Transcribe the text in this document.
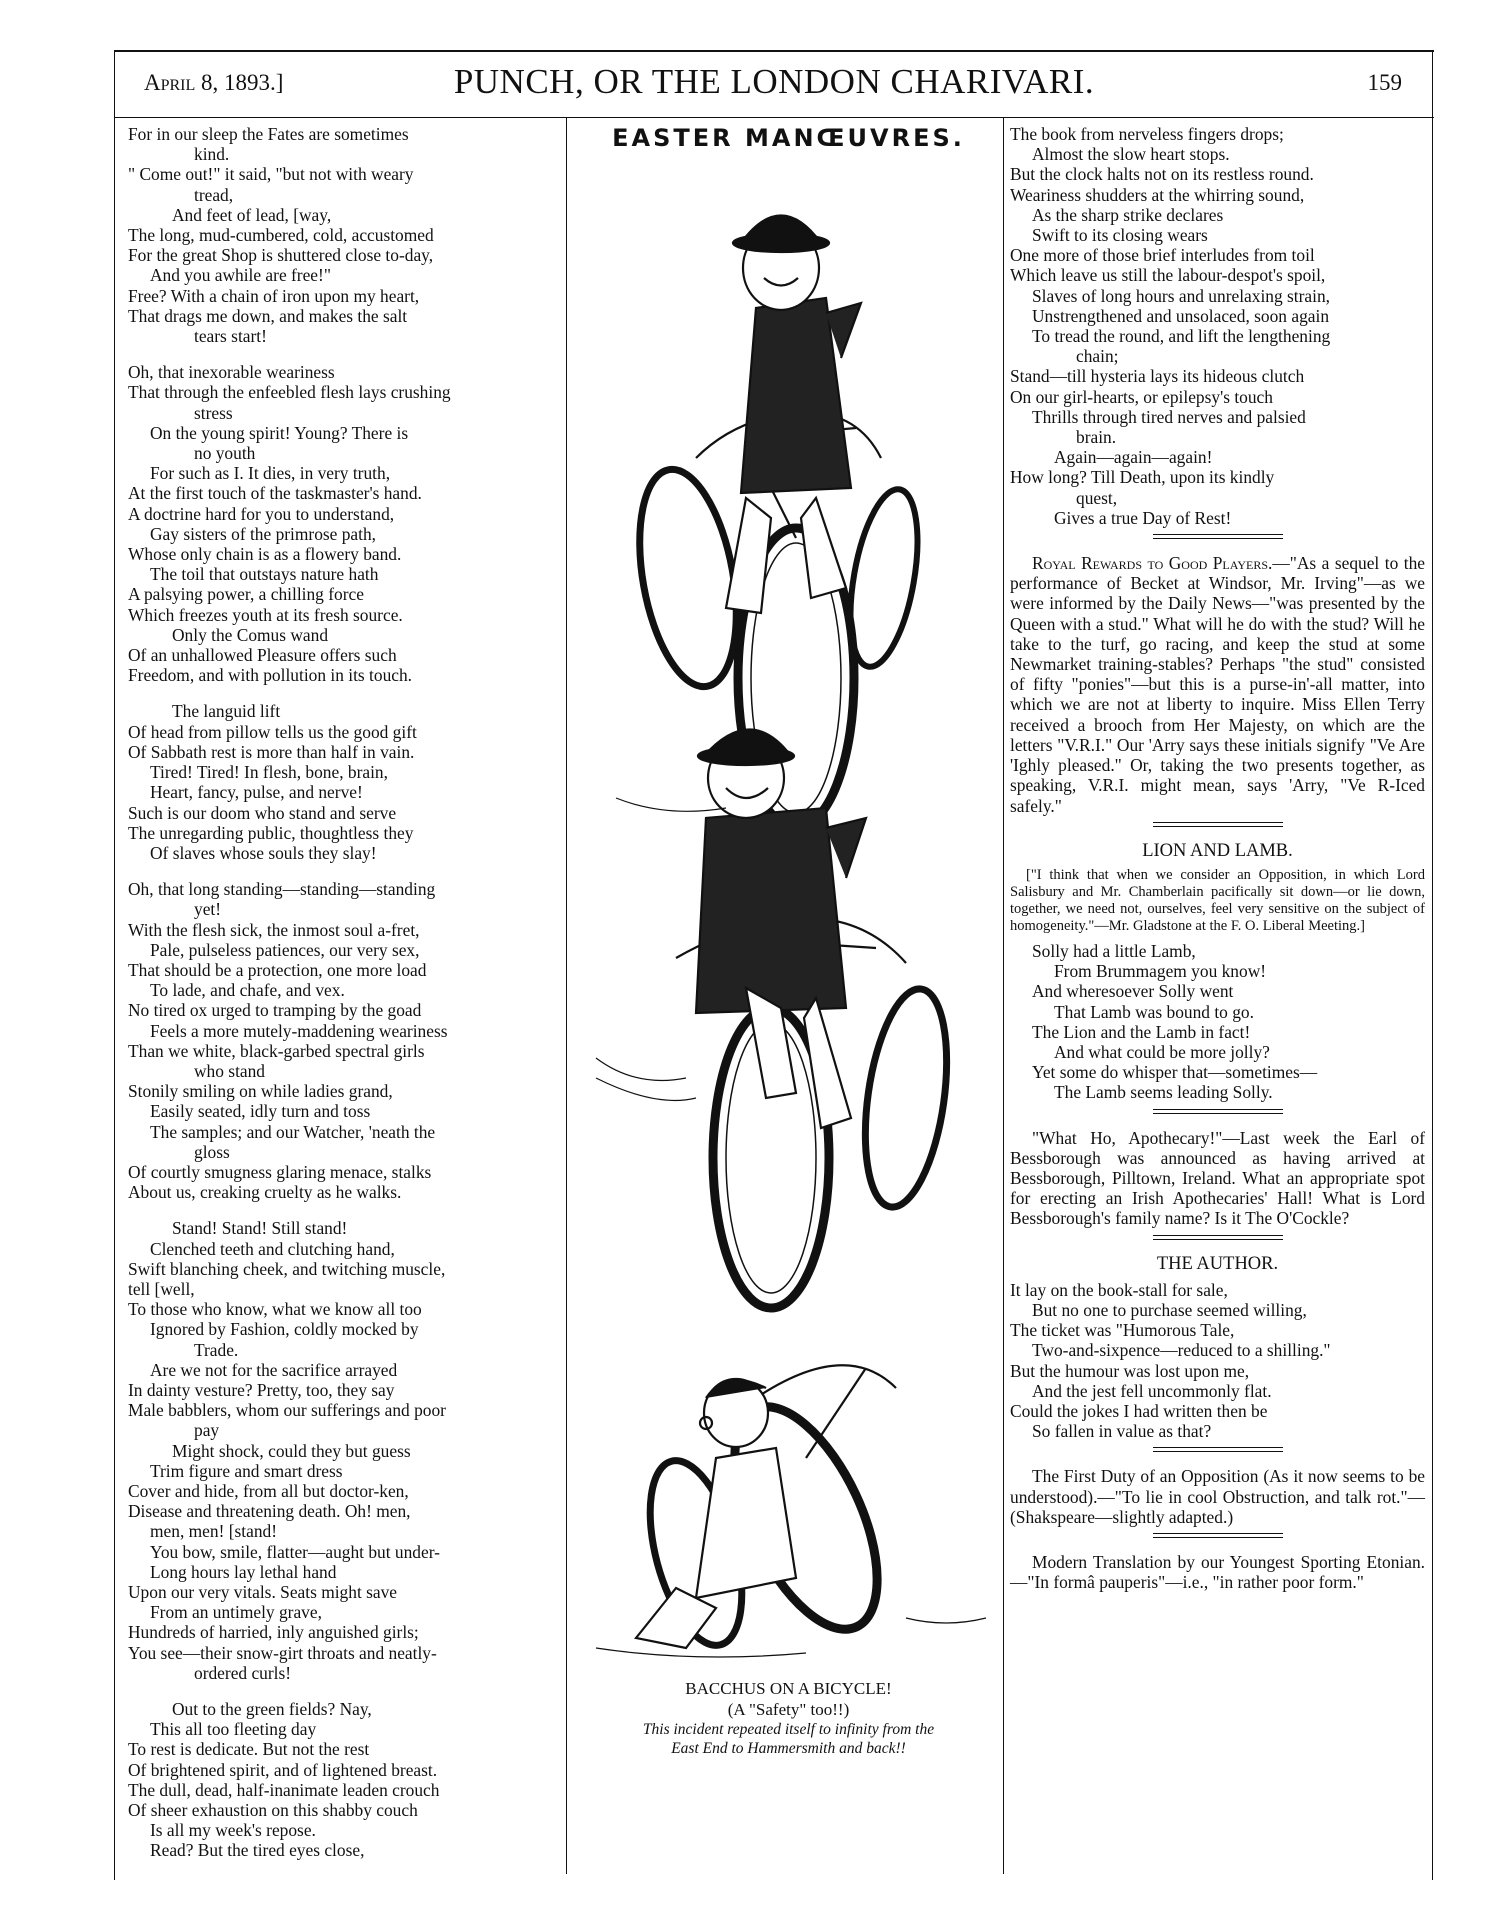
PUNCH, OR THE LONDON CHARIVARI.
April 8, 1893.]	159
For in our sleep the Fates are sometimes
kind.
" Come out!" it said, "but not with weary
tread,
And feet of lead, [way,
The long, mud-cumbered, cold, accustomed
For the great Shop is shuttered close to-day,
And you awhile are free!"
Free? With a chain of iron upon my heart,
That drags me down, and makes the salt
tears start!
Oh, that inexorable weariness
That through the enfeebled flesh lays crushing
stress
On the young spirit! Young? There is
no youth
For such as I. It dies, in very truth,
At the first touch of the taskmaster's hand.
A doctrine hard for you to understand,
Gay sisters of the primrose path,
Whose only chain is as a flowery band.
The toil that outstays nature hath
A palsying power, a chilling force
Which freezes youth at its fresh source.
Only the Comus wand
Of an unhallowed Pleasure offers such
Freedom, and with pollution in its touch.
The languid lift
Of head from pillow tells us the good gift
Of Sabbath rest is more than half in vain.
Tired! Tired! In flesh, bone, brain,
Heart, fancy, pulse, and nerve!
Such is our doom who stand and serve
The unregarding public, thoughtless they
Of slaves whose souls they slay!
Oh, that long standing—standing—standing
yet!
With the flesh sick, the inmost soul a-fret,
Pale, pulseless patiences, our very sex,
That should be a protection, one more load
To lade, and chafe, and vex.
No tired ox urged to tramping by the goad
Feels a more mutely-maddening weariness
Than we white, black-garbed spectral girls
who stand
Stonily smiling on while ladies grand,
Easily seated, idly turn and toss
The samples; and our Watcher, 'neath the
gloss
Of courtly smugness glaring menace, stalks
About us, creaking cruelty as he walks.
Stand! Stand! Still stand!
Clenched teeth and clutching hand,
Swift blanching cheek, and twitching muscle,
tell [well,
To those who know, what we know all too
Ignored by Fashion, coldly mocked by
Trade.
Are we not for the sacrifice arrayed
In dainty vesture? Pretty, too, they say
Male babblers, whom our sufferings and poor
pay
Might shock, could they but guess
Trim figure and smart dress
Cover and hide, from all but doctor-ken,
Disease and threatening death. Oh! men,
men, men! [stand!
You bow, smile, flatter—aught but under-
Long hours lay lethal hand
Upon our very vitals. Seats might save
From an untimely grave,
Hundreds of harried, inly anguished girls;
You see—their snow-girt throats and neatly-
ordered curls!
Out to the green fields? Nay,
This all too fleeting day
To rest is dedicate. But not the rest
Of brightened spirit, and of lightened breast.
The dull, dead, half-inanimate leaden crouch
Of sheer exhaustion on this shabby couch
Is all my week's repose.
Read? But the tired eyes close,
EASTER MANŒUVRES.
BACCHUS ON A BICYCLE!
(A "Safety" too!!)
This incident repeated itself to infinity from the
East End to Hammersmith and back!!
The book from nerveless fingers drops;
Almost the slow heart stops.
But the clock halts not on its restless round.
Weariness shudders at the whirring sound,
As the sharp strike declares
Swift to its closing wears
One more of those brief interludes from toil
Which leave us still the labour-despot's spoil,
Slaves of long hours and unrelaxing strain,
Unstrengthened and unsolaced, soon again
To tread the round, and lift the lengthening
chain;
Stand—till hysteria lays its hideous clutch
On our girl-hearts, or epilepsy's touch
Thrills through tired nerves and palsied
brain.
Again—again—again!
How long? Till Death, upon its kindly
quest,
Gives a true Day of Rest!
Royal Rewards to Good Players.—"As a sequel to the performance of Becket at Windsor, Mr. Irving"—as we were informed by the Daily News—"was presented by the Queen with a stud." What will he do with the stud? Will he take to the turf, go racing, and keep the stud at some Newmarket training-stables? Perhaps "the stud" consisted of fifty "ponies"—but this is a purse-in'-all matter, into which we are not at liberty to inquire. Miss Ellen Terry received a brooch from Her Majesty, on which are the letters "V.R.I." Our 'Arry says these initials signify "Ve Are 'Ighly pleased." Or, taking the two presents together, as speaking, V.R.I. might mean, says 'Arry, "Ve R-Iced safely."
LION AND LAMB.
["I think that when we consider an Opposition, in which Lord Salisbury and Mr. Chamberlain pacifically sit down—or lie down, together, we need not, ourselves, feel very sensitive on the subject of homogeneity."—Mr. Gladstone at the F. O. Liberal Meeting.]
Solly had a little Lamb,
From Brummagem you know!
And wheresoever Solly went
That Lamb was bound to go.
The Lion and the Lamb in fact!
And what could be more jolly?
Yet some do whisper that—sometimes—
The Lamb seems leading Solly.
"What Ho, Apothecary!"—Last week the Earl of Bessborough was announced as having arrived at Bessborough, Pilltown, Ireland. What an appropriate spot for erecting an Irish Apothecaries' Hall! What is Lord Bessborough's family name? Is it The O'Cockle?
THE AUTHOR.
It lay on the book-stall for sale,
But no one to purchase seemed willing,
The ticket was "Humorous Tale,
Two-and-sixpence—reduced to a shilling."
But the humour was lost upon me,
And the jest fell uncommonly flat.
Could the jokes I had written then be
So fallen in value as that?
The First Duty of an Opposition (As it now seems to be understood).—"To lie in cool Obstruction, and talk rot."—(Shakspeare—slightly adapted.)
Modern Translation by our Youngest Sporting Etonian.—"In formâ pauperis"—i.e., "in rather poor form."
